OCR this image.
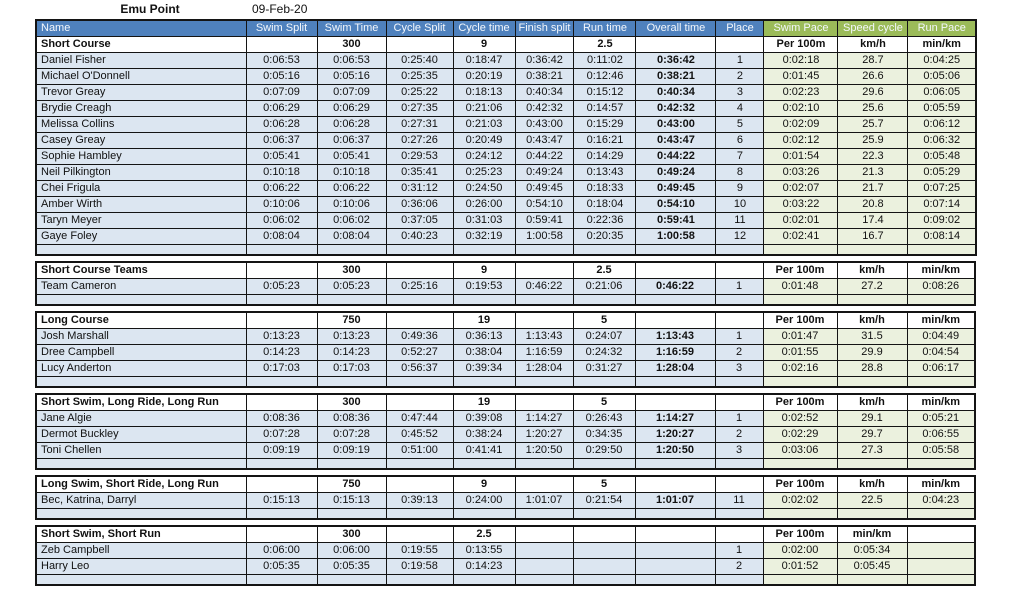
Emu Point	09-Feb-20
Name	Swim Split	Swim Time	Cycle Split	Cycle time	Finish split	Run time	Overall time	Place	Swim Pace	Speed cycle	Run Pace
Short Course		300		9		2.5			Per 100m	km/h	min/km
Daniel Fisher	0:06:53	0:06:53	0:25:40	0:18:47	0:36:42	0:11:02	0:36:42	1	0:02:18	28.7	0:04:25
Michael O'Donnell	0:05:16	0:05:16	0:25:35	0:20:19	0:38:21	0:12:46	0:38:21	2	0:01:45	26.6	0:05:06
Trevor Greay	0:07:09	0:07:09	0:25:22	0:18:13	0:40:34	0:15:12	0:40:34	3	0:02:23	29.6	0:06:05
Brydie Creagh	0:06:29	0:06:29	0:27:35	0:21:06	0:42:32	0:14:57	0:42:32	4	0:02:10	25.6	0:05:59
Melissa Collins	0:06:28	0:06:28	0:27:31	0:21:03	0:43:00	0:15:29	0:43:00	5	0:02:09	25.7	0:06:12
Casey Greay	0:06:37	0:06:37	0:27:26	0:20:49	0:43:47	0:16:21	0:43:47	6	0:02:12	25.9	0:06:32
Sophie Hambley	0:05:41	0:05:41	0:29:53	0:24:12	0:44:22	0:14:29	0:44:22	7	0:01:54	22.3	0:05:48
Neil Pilkington	0:10:18	0:10:18	0:35:41	0:25:23	0:49:24	0:13:43	0:49:24	8	0:03:26	21.3	0:05:29
Chei Frigula	0:06:22	0:06:22	0:31:12	0:24:50	0:49:45	0:18:33	0:49:45	9	0:02:07	21.7	0:07:25
Amber Wirth	0:10:06	0:10:06	0:36:06	0:26:00	0:54:10	0:18:04	0:54:10	10	0:03:22	20.8	0:07:14
Taryn Meyer	0:06:02	0:06:02	0:37:05	0:31:03	0:59:41	0:22:36	0:59:41	11	0:02:01	17.4	0:09:02
Gaye Foley	0:08:04	0:08:04	0:40:23	0:32:19	1:00:58	0:20:35	1:00:58	12	0:02:41	16.7	0:08:14

Short Course Teams		300		9		2.5			Per 100m	km/h	min/km
Team Cameron	0:05:23	0:05:23	0:25:16	0:19:53	0:46:22	0:21:06	0:46:22	1	0:01:48	27.2	0:08:26

Long Course		750		19		5			Per 100m	km/h	min/km
Josh Marshall	0:13:23	0:13:23	0:49:36	0:36:13	1:13:43	0:24:07	1:13:43	1	0:01:47	31.5	0:04:49
Dree Campbell	0:14:23	0:14:23	0:52:27	0:38:04	1:16:59	0:24:32	1:16:59	2	0:01:55	29.9	0:04:54
Lucy Anderton	0:17:03	0:17:03	0:56:37	0:39:34	1:28:04	0:31:27	1:28:04	3	0:02:16	28.8	0:06:17

Short Swim, Long Ride, Long Run		300		19		5			Per 100m	km/h	min/km
Jane Algie	0:08:36	0:08:36	0:47:44	0:39:08	1:14:27	0:26:43	1:14:27	1	0:02:52	29.1	0:05:21
Dermot Buckley	0:07:28	0:07:28	0:45:52	0:38:24	1:20:27	0:34:35	1:20:27	2	0:02:29	29.7	0:06:55
Toni Chellen	0:09:19	0:09:19	0:51:00	0:41:41	1:20:50	0:29:50	1:20:50	3	0:03:06	27.3	0:05:58

Long Swim, Short Ride, Long Run		750		9		5			Per 100m	km/h	min/km
Bec, Katrina, Darryl	0:15:13	0:15:13	0:39:13	0:24:00	1:01:07	0:21:54	1:01:07	11	0:02:02	22.5	0:04:23

Short Swim, Short Run		300		2.5					Per 100m	min/km	
Zeb Campbell	0:06:00	0:06:00	0:19:55	0:13:55				1	0:02:00	0:05:34	
Harry Leo	0:05:35	0:05:35	0:19:58	0:14:23				2	0:01:52	0:05:45	
